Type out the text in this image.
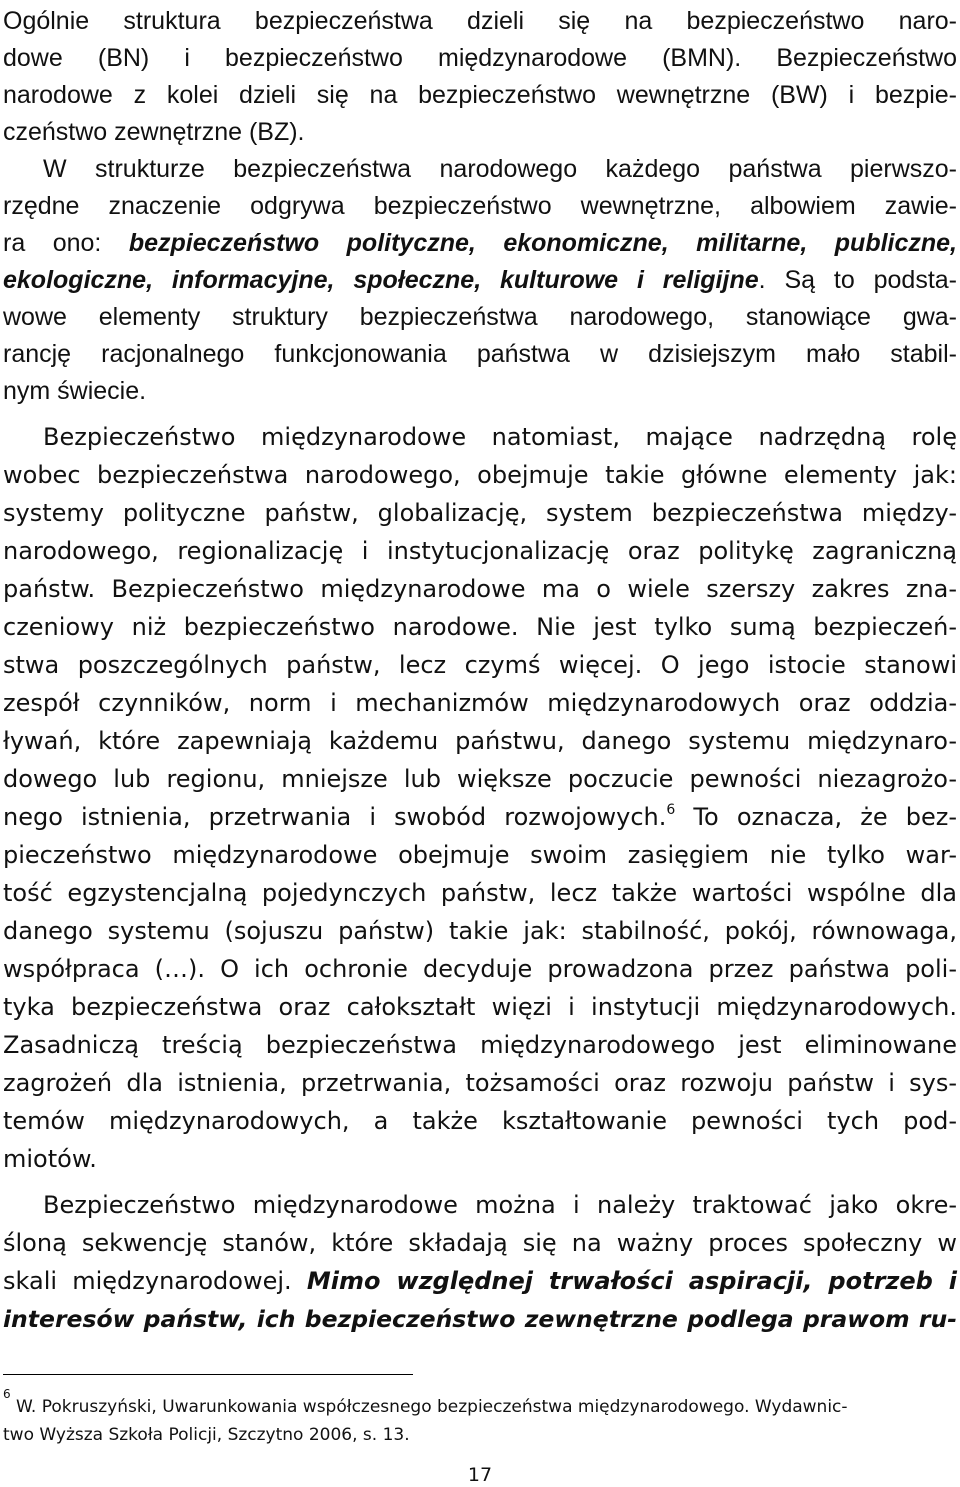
Ogólnie struktura bezpieczeństwa dzieli się na bezpieczeństwo naro-

dowe (BN) i bezpieczeństwo międzynarodowe (BMN). Bezpieczeństwo

narodowe z kolei dzieli się na bezpieczeństwo wewnętrzne (BW) i bezpie-

czeństwo zewnętrzne (BZ).

W strukturze bezpieczeństwa narodowego każdego państwa pierwszo-

rzędne znaczenie odgrywa bezpieczeństwo wewnętrzne, albowiem zawie-

ra ono: bezpieczeństwo polityczne, ekonomiczne, militarne, publiczne,

ekologiczne, informacyjne, społeczne, kulturowe i religijne. Są to podsta-

wowe elementy struktury bezpieczeństwa narodowego, stanowiące gwa-

rancję racjonalnego funkcjonowania państwa w dzisiejszym mało stabil-

nym świecie.

Bezpieczeństwo międzynarodowe natomiast, mające nadrzędną rolę

wobec bezpieczeństwa narodowego, obejmuje takie główne elementy jak:

systemy polityczne państw, globalizację, system bezpieczeństwa między-

narodowego, regionalizację i instytucjonalizację oraz politykę zagraniczną

państw. Bezpieczeństwo międzynarodowe ma o wiele szerszy zakres zna-

czeniowy niż bezpieczeństwo narodowe. Nie jest tylko sumą bezpieczeń-

stwa poszczególnych państw, lecz czymś więcej. O jego istocie stanowi

zespół czynników, norm i mechanizmów międzynarodowych oraz oddzia-

ływań, które zapewniają każdemu państwu, danego systemu międzynaro-

dowego lub regionu, mniejsze lub większe poczucie pewności niezagrożo-

nego istnienia, przetrwania i swobód rozwojowych.$^6$ To oznacza, że bez-

pieczeństwo międzynarodowe obejmuje swoim zasięgiem nie tylko war-

tość egzystencjalną pojedynczych państw, lecz także wartości wspólne dla

danego systemu (sojuszu państw) takie jak: stabilność, pokój, równowaga,

współpraca (…). O ich ochronie decyduje prowadzona przez państwa poli-

tyka bezpieczeństwa oraz całokształt więzi i instytucji międzynarodowych.

Zasadniczą treścią bezpieczeństwa międzynarodowego jest eliminowane

zagrożeń dla istnienia, przetrwania, tożsamości oraz rozwoju państw i sys-

temów międzynarodowych, a także kształtowanie pewności tych pod-

miotów.

Bezpieczeństwo międzynarodowe można i należy traktować jako okre-

śloną sekwencję stanów, które składają się na ważny proces społeczny w

skali międzynarodowej. Mimo względnej trwałości aspiracji, potrzeb i

interesów państw, ich bezpieczeństwo zewnętrzne podlega prawom ru-

$^6$ W. Pokruszyński, Uwarunkowania współczesnego bezpieczeństwa międzynarodowego. Wydawnic-
two Wyższa Szkoła Policji, Szczytno 2006, s. 13.
17
